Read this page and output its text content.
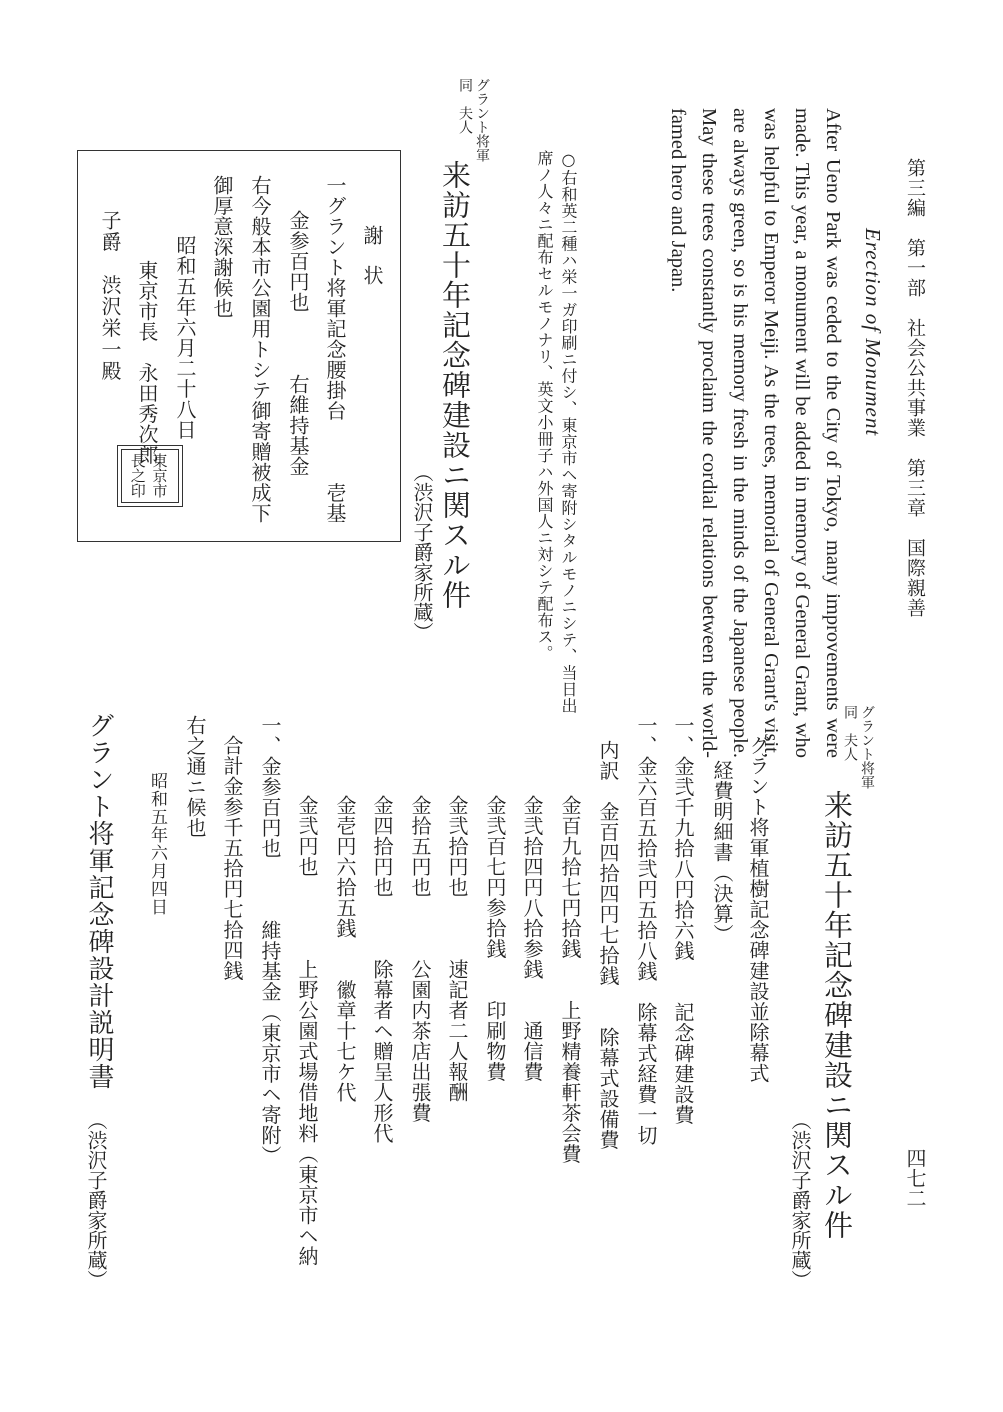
第三編　第一部　社会公共事業　第三章　国際親善
四七二
Erection of Monument
After Ueno Park was ceded to the City of Tokyo, many improvements were made. This year, a monument will be added in memory of General Grant, who was helpful to Emperor Meiji. As the trees, memorial of General Grant's visit, are always green, so is his memory fresh in the minds of the Japanese people. May these trees constantly proclaim the cordial relations between the world-famed hero and Japan.
○右和英二種ハ栄一ガ印刷ニ付シ、東京市ヘ寄附シタルモノニシテ、当日出
席ノ人々ニ配布セルモノナリ、英文小冊子ハ外国人ニ対シテ配布ス。
グラント将軍
同　夫人
来訪五十年記念碑建設ニ関スル件
（渋沢子爵家所蔵）
謝　状
一グラント将軍記念腰掛台　　　壱基
金参百円也　　　右維持基金
右今般本市公園用トシテ御寄贈被成下
御厚意深謝候也
昭和五年六月二十八日
東京市長　永田秀次郎
子爵　渋沢栄一殿
東京市長之印
グラント将軍
同　夫人
来訪五十年記念碑建設ニ関スル件
（渋沢子爵家所蔵）
グラント将軍植樹記念碑建設並除幕式
経費明細書（決算）
一、金弐千九拾八円拾六銭　　記念碑建設費
一、金六百五拾弐円五拾八銭　除幕式経費一切
内訳　金百四拾四円七拾銭　　除幕式設備費
金百九拾七円拾銭　　上野精養軒茶会費
金弐拾四円八拾参銭　　通信費
金弐百七円参拾銭　　印刷物費
金弐拾円也　　　速記者二人報酬
金拾五円也　　　公園内茶店出張費
金四拾円也　　　除幕者ヘ贈呈人形代
金壱円六拾五銭　　徽章十七ケ代
金弐円也　　　　上野公園式場借地料（東京市ヘ納
一、金参百円也　　　維持基金（東京市ヘ寄附）
合計金参千五拾円七拾四銭
右之通ニ候也
昭和五年六月四日
グラント将軍記念碑設計説明書
（渋沢子爵家所蔵）
